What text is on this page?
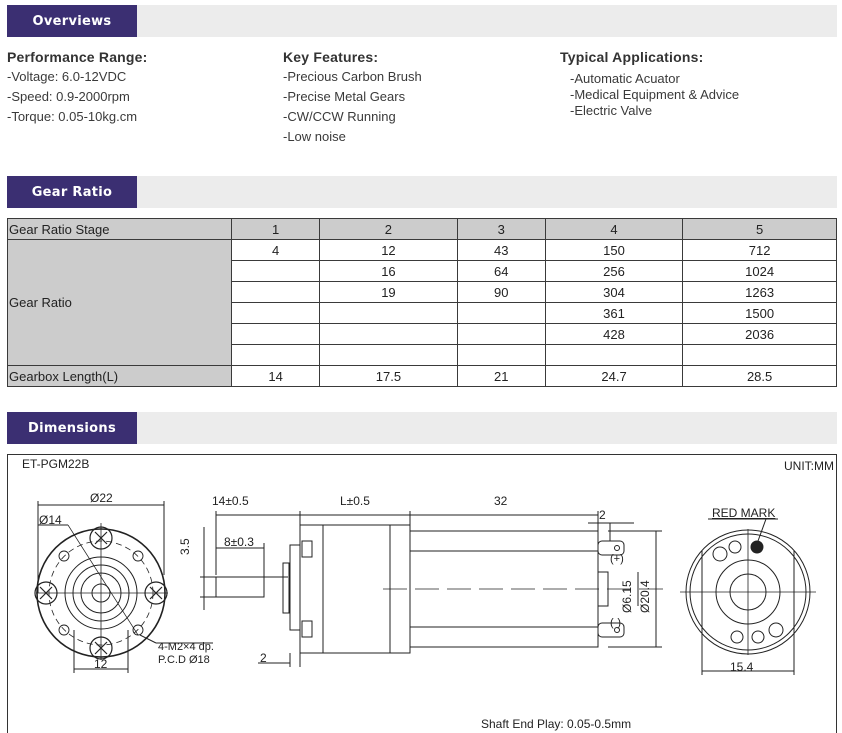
Overviews
Performance Range:
-Voltage: 6.0-12VDC
-Speed: 0.9-2000rpm
-Torque: 0.05-10kg.cm
Key Features:
-Precious Carbon Brush
-Precise Metal Gears
-CW/CCW Running
-Low noise
Typical Applications:
-Automatic Acuator
-Medical Equipment & Advice
-Electric Valve
Gear Ratio
Gear Ratio Stage	1	2	3	4	5
Gear Ratio	4	12	43	150	712
		16	64	256	1024
		19	90	304	1263
				361	1500
				428	2036

Gearbox Length(L)	14	17.5	21	24.7	28.5
Dimensions
ET-PGM22B	UNIT:MM
Ø22
Ø14
12
4-M2×4 dp.
P.C.D Ø18
14±0.5
8±0.3
3.5
L±0.5	32
2
2
(+)
(-)
Ø6.15 Ø20.4
RED MARK
15.4
Shaft End Play: 0.05-0.5mm
